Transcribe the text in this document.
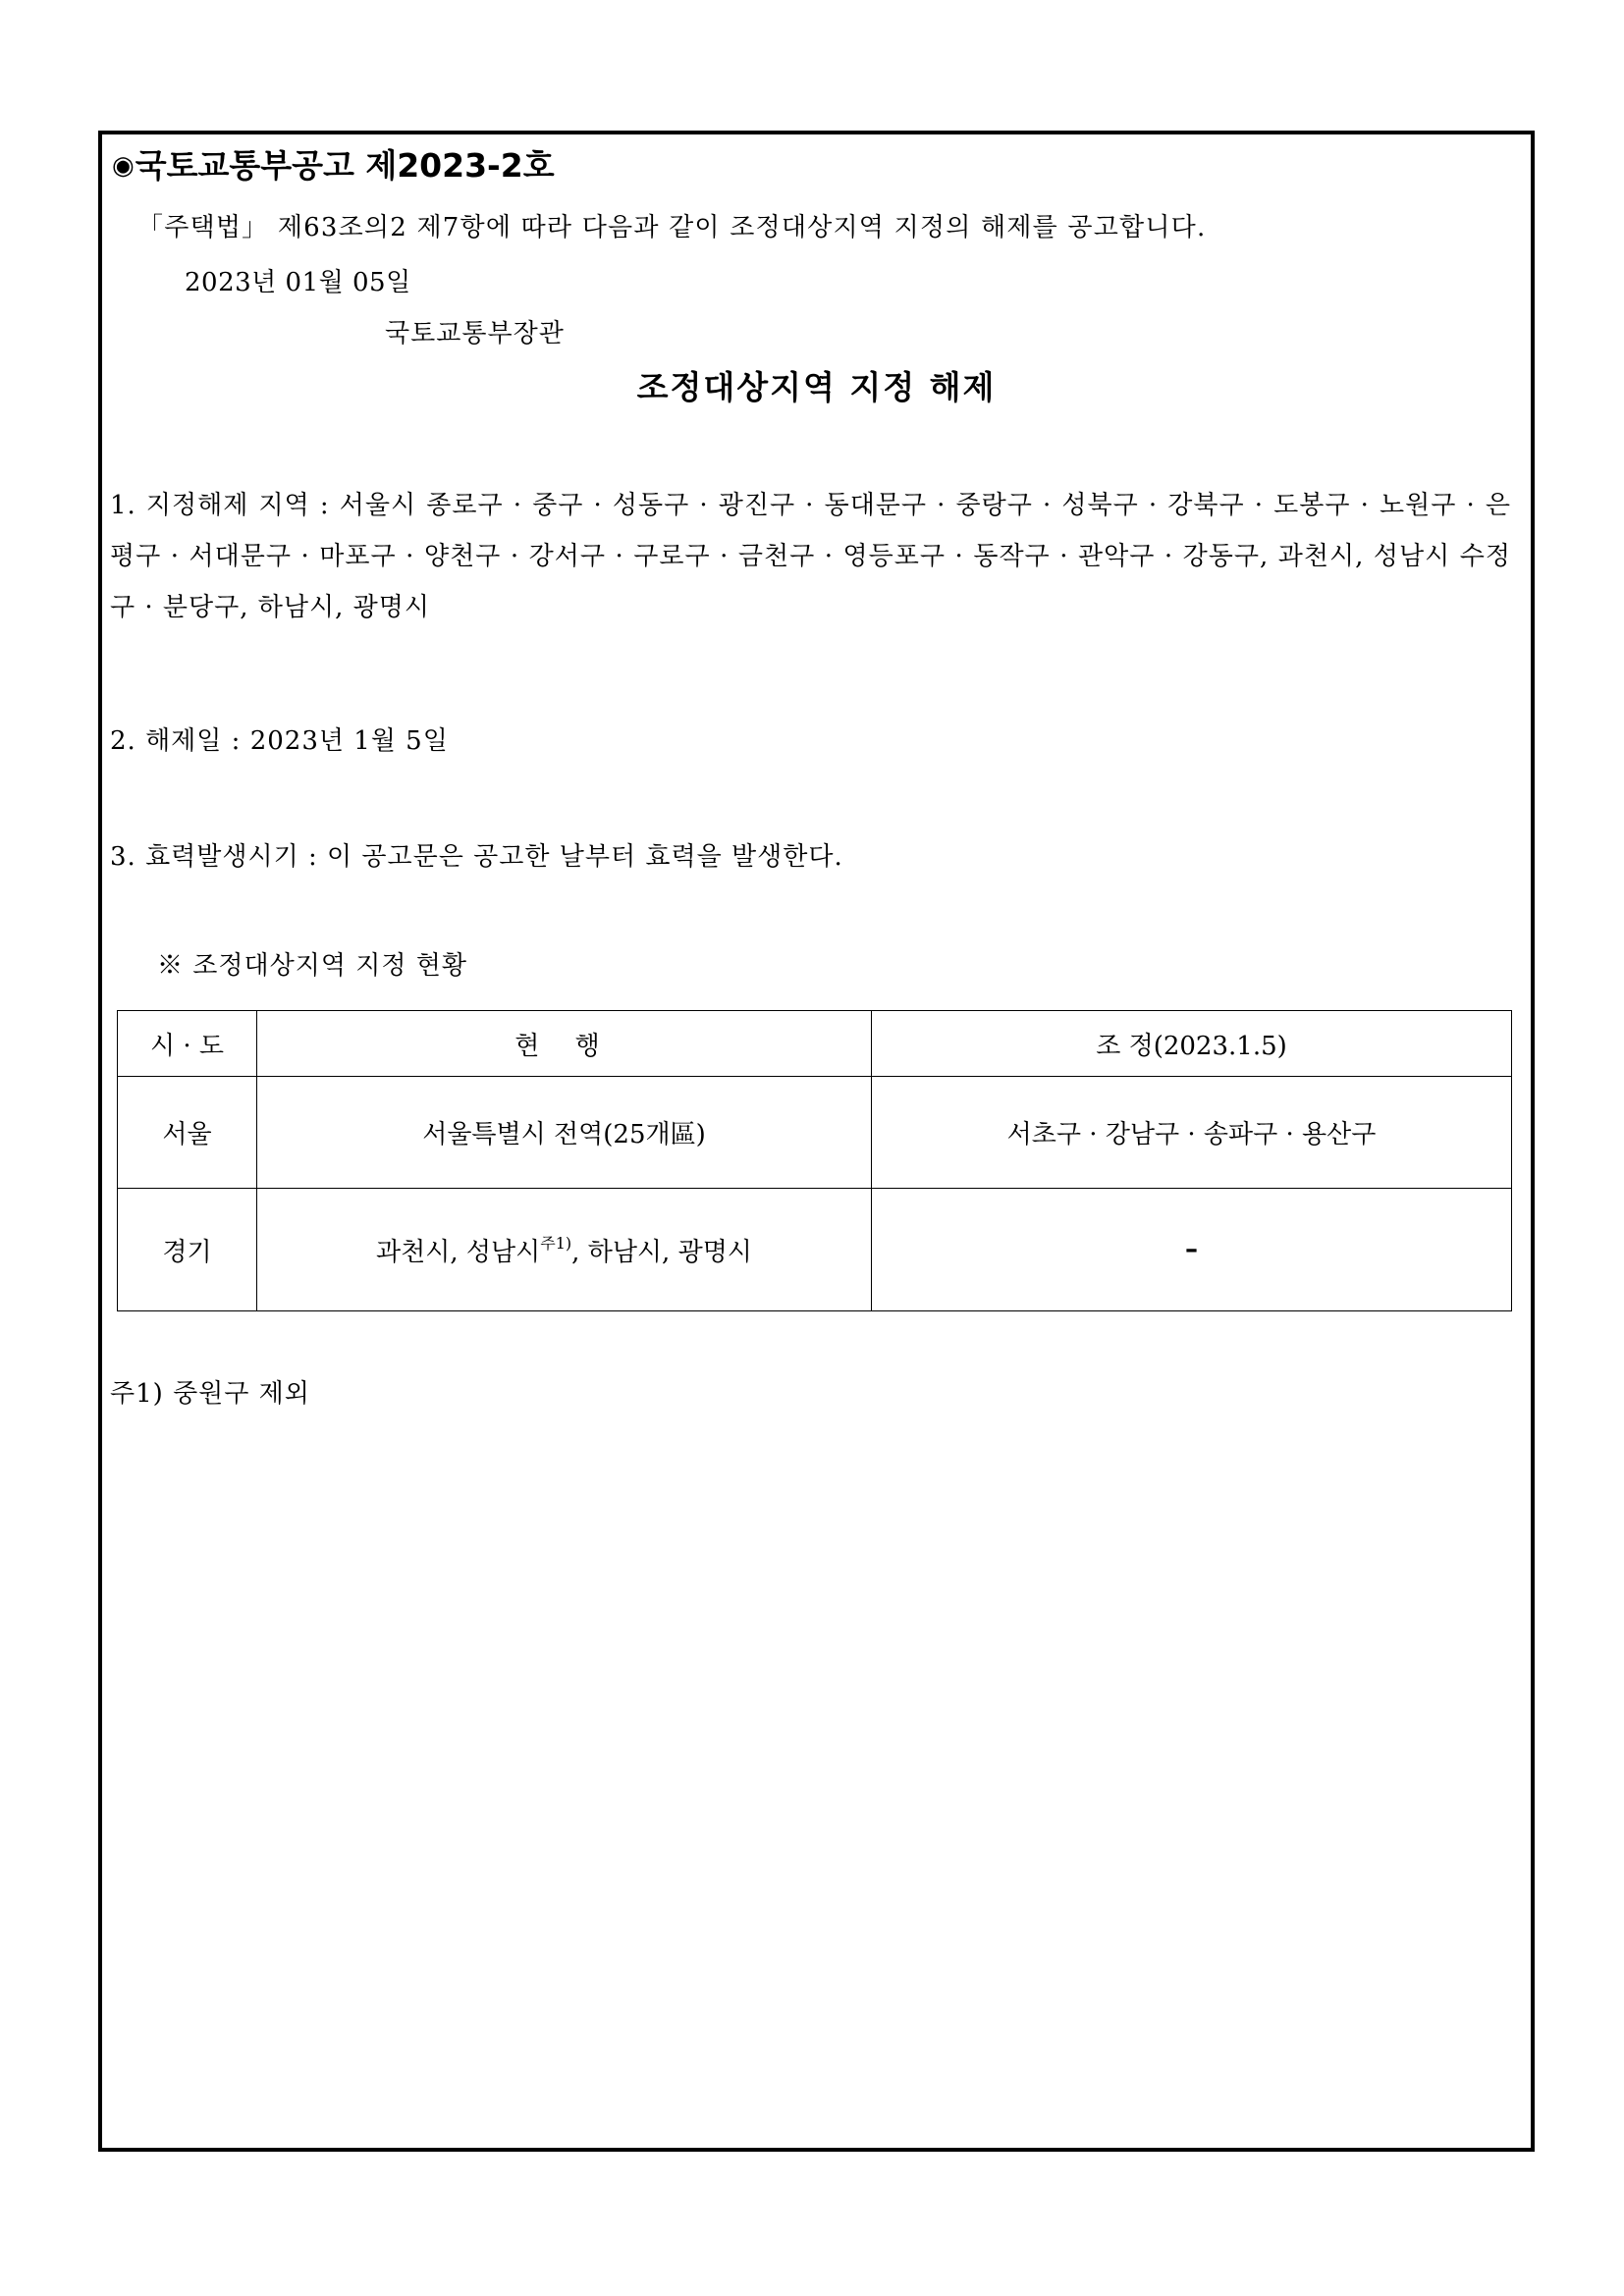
◉국토교통부공고 제2023-2호
「주택법」 제63조의2 제7항에 따라 다음과 같이 조정대상지역 지정의 해제를 공고합니다.
2023년 01월 05일
국토교통부장관
조정대상지역 지정 해제
1. 지정해제 지역 : 서울시 종로구 · 중구 · 성동구 · 광진구 · 동대문구 · 중랑구 · 성북구 · 강북구 · 도봉구 · 노원구 · 은평구 · 서대문구 · 마포구 · 양천구 · 강서구 · 구로구 · 금천구 · 영등포구 · 동작구 · 관악구 · 강동구, 과천시, 성남시 수정구 · 분당구, 하남시, 광명시
2. 해제일 : 2023년 1월 5일
3. 효력발생시기 : 이 공고문은 공고한 날부터 효력을 발생한다.
※ 조정대상지역 지정 현황
시 · 도	현 행	조 정(2023.1.5)
서울	서울특별시 전역(25개區)	서초구 · 강남구 · 송파구 · 용산구
경기	과천시, 성남시$^{주1)}$, 하남시, 광명시	–
주1) 중원구 제외
